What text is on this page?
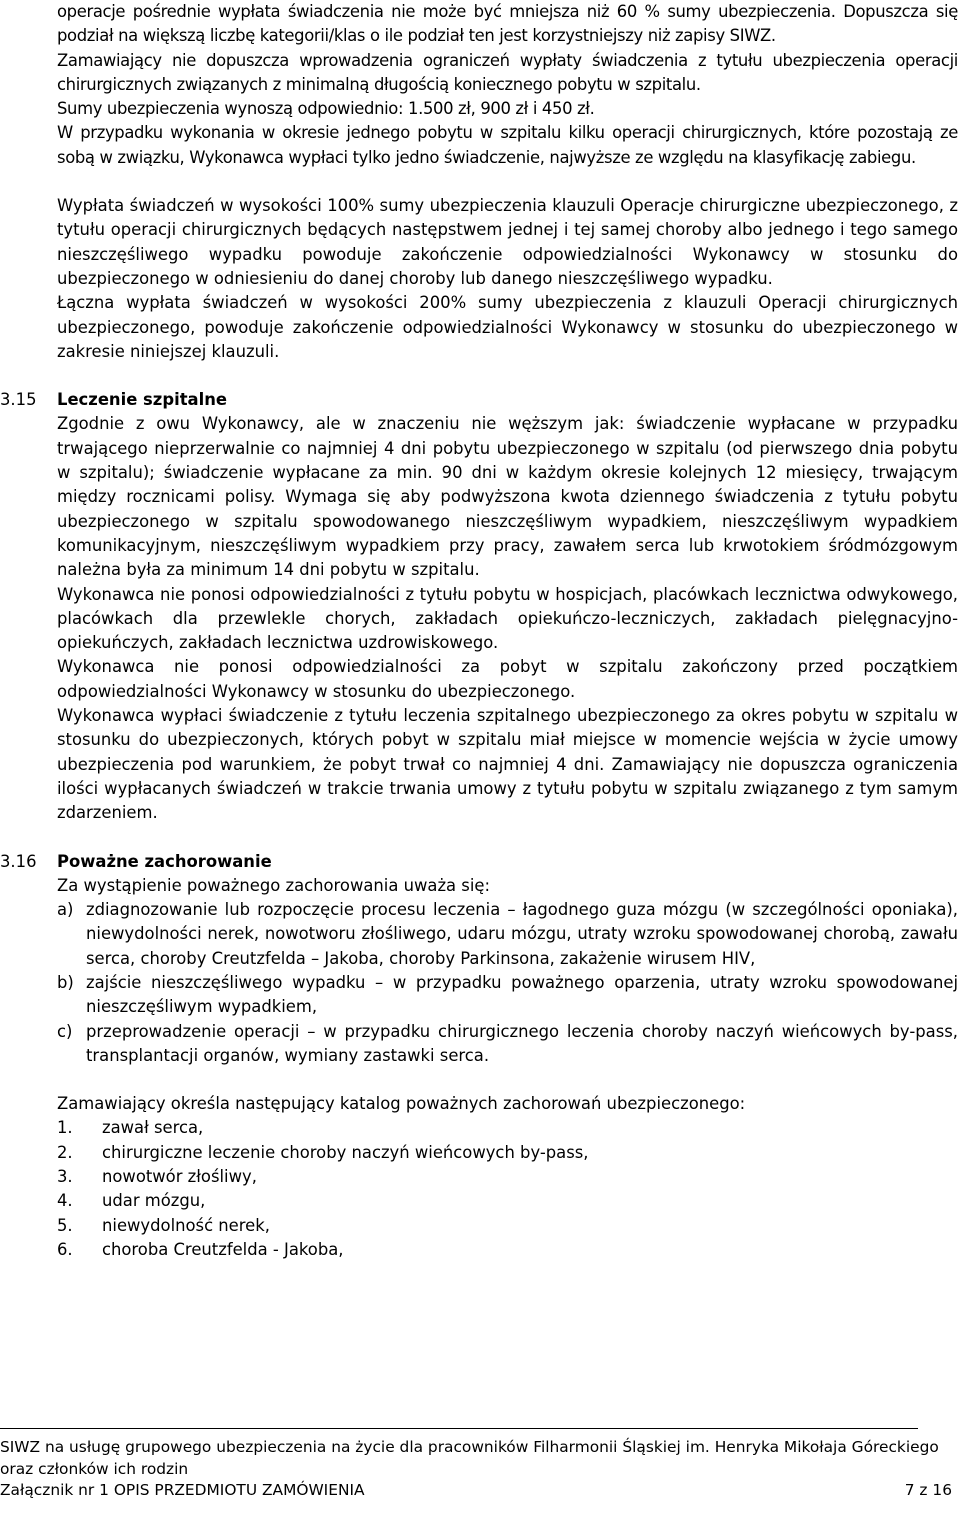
operacje pośrednie wypłata świadczenia nie może być mniejsza niż 60 % sumy ubezpieczenia. Dopuszcza się podział na większą liczbę kategorii/klas o ile podział ten jest korzystniejszy niż zapisy SIWZ.

Zamawiający nie dopuszcza wprowadzenia ograniczeń wypłaty świadczenia z tytułu ubezpieczenia operacji chirurgicznych związanych z minimalną długością koniecznego pobytu w szpitalu.

Sumy ubezpieczenia wynoszą odpowiednio: 1.500 zł, 900 zł i 450 zł.

W przypadku wykonania w okresie jednego pobytu w szpitalu kilku operacji chirurgicznych, które pozostają ze sobą w związku, Wykonawca wypłaci tylko jedno świadczenie, najwyższe ze względu na klasyfikację zabiegu.

Wypłata świadczeń w wysokości 100% sumy ubezpieczenia klauzuli Operacje chirurgiczne ubezpieczonego, z tytułu operacji chirurgicznych będących następstwem jednej i tej samej choroby albo jednego i tego samego nieszczęśliwego wypadku powoduje zakończenie odpowiedzialności Wykonawcy w stosunku do ubezpieczonego w odniesieniu do danej choroby lub danego nieszczęśliwego wypadku.

Łączna wypłata świadczeń w wysokości 200% sumy ubezpieczenia z klauzuli Operacji chirurgicznych ubezpieczonego, powoduje zakończenie odpowiedzialności Wykonawcy w stosunku do ubezpieczonego w zakresie niniejszej klauzuli.

3.15 Leczenie szpitalne

Zgodnie z owu Wykonawcy, ale w znaczeniu nie węższym jak: świadczenie wypłacane w przypadku trwającego nieprzerwalnie co najmniej 4 dni pobytu ubezpieczonego w szpitalu (od pierwszego dnia pobytu w szpitalu); świadczenie wypłacane za min. 90 dni w każdym okresie kolejnych 12 miesięcy, trwającym między rocznicami polisy. Wymaga się aby podwyższona kwota dziennego świadczenia z tytułu pobytu ubezpieczonego w szpitalu spowodowanego nieszczęśliwym wypadkiem, nieszczęśliwym wypadkiem komunikacyjnym, nieszczęśliwym wypadkiem przy pracy, zawałem serca lub krwotokiem śródmózgowym należna była za minimum 14 dni pobytu w szpitalu.

Wykonawca nie ponosi odpowiedzialności z tytułu pobytu w hospicjach, placówkach lecznictwa odwykowego, placówkach dla przewlekle chorych, zakładach opiekuńczo-leczniczych, zakładach pielęgnacyjno-opiekuńczych, zakładach lecznictwa uzdrowiskowego.

Wykonawca nie ponosi odpowiedzialności za pobyt w szpitalu zakończony przed początkiem odpowiedzialności Wykonawcy w stosunku do ubezpieczonego.

Wykonawca wypłaci świadczenie z tytułu leczenia szpitalnego ubezpieczonego za okres pobytu w szpitalu w stosunku do ubezpieczonych, których pobyt w szpitalu miał miejsce w momencie wejścia w życie umowy ubezpieczenia pod warunkiem, że pobyt trwał co najmniej 4 dni. Zamawiający nie dopuszcza ograniczenia ilości wypłacanych świadczeń w trakcie trwania umowy z tytułu pobytu w szpitalu związanego z tym samym zdarzeniem.

3.16 Poważne zachorowanie

Za wystąpienie poważnego zachorowania uważa się:

a) zdiagnozowanie lub rozpoczęcie procesu leczenia – łagodnego guza mózgu (w szczególności oponiaka), niewydolności nerek, nowotworu złośliwego, udaru mózgu, utraty wzroku spowodowanej chorobą, zawału serca, choroby Creutzfelda – Jakoba, choroby Parkinsona, zakażenie wirusem HIV,
b) zajście nieszczęśliwego wypadku – w przypadku poważnego oparzenia, utraty wzroku spowodowanej nieszczęśliwym wypadkiem,
c) przeprowadzenie operacji – w przypadku chirurgicznego leczenia choroby naczyń wieńcowych by-pass, transplantacji organów, wymiany zastawki serca.

Zamawiający określa następujący katalog poważnych zachorowań ubezpieczonego:

1. zawał serca,
2. chirurgiczne leczenie choroby naczyń wieńcowych by-pass,
3. nowotwór złośliwy,
4. udar mózgu,
5. niewydolność nerek,
6. choroba Creutzfelda - Jakoba,
SIWZ na usługę grupowego ubezpieczenia na życie dla pracowników Filharmonii Śląskiej im. Henryka Mikołaja Góreckiego oraz członków ich rodzin
Załącznik nr 1 OPIS PRZEDMIOTU ZAMÓWIENIA	7 z 16
